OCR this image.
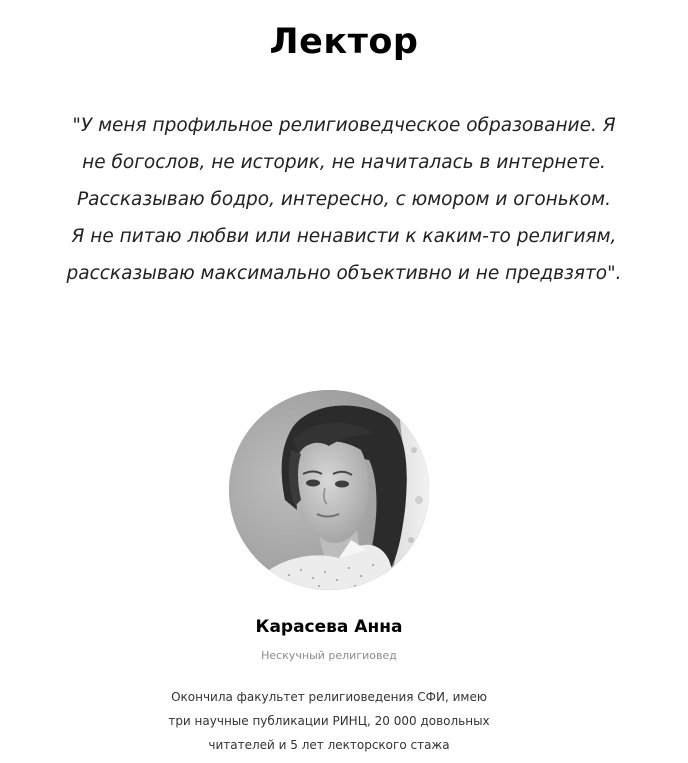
Лектор
"У меня профильное религиоведческое образование. Я
не богослов, не историк, не начиталась в интернете.
Рассказываю бодро, интересно, с юмором и огоньком.
Я не питаю любви или ненависти к каким-то религиям,
рассказываю максимально объективно и не предвзято".
Карасева Анна
Нескучный религиовед

Окончила факультет религиоведения СФИ, имею
три научные публикации РИНЦ, 20 000 довольных
читателей и 5 лет лекторского стажа
